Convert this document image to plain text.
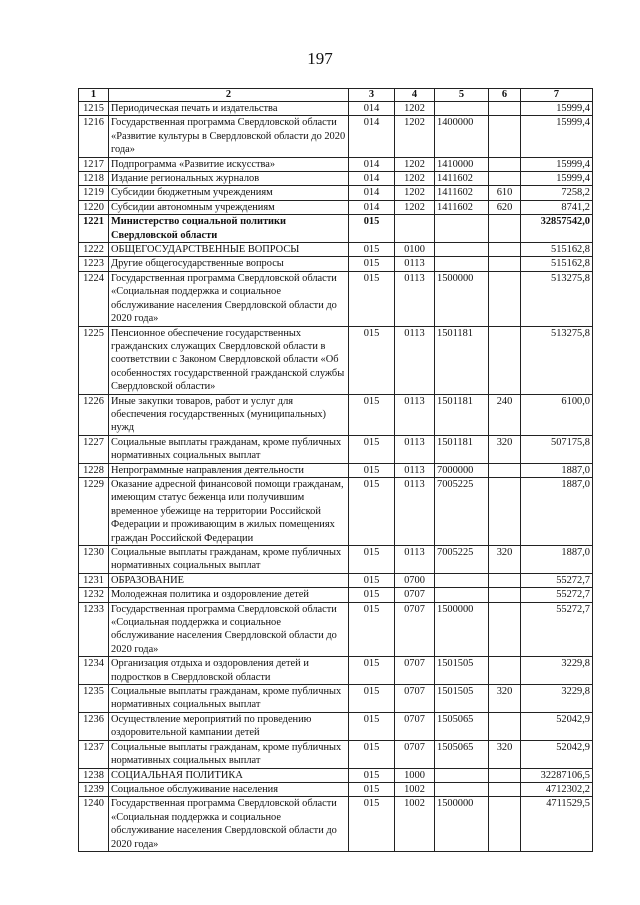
197
1	2	3	4	5	6	7
1215	Периодическая печать и издательства	014	1202			15999,4
1216	Государственная программа Свердловской области «Развитие культуры в Свердловской области до 2020 года»	014	1202	1400000		15999,4
1217	Подпрограмма «Развитие искусства»	014	1202	1410000		15999,4
1218	Издание региональных журналов	014	1202	1411602		15999,4
1219	Субсидии бюджетным учреждениям	014	1202	1411602	610	7258,2
1220	Субсидии автономным учреждениям	014	1202	1411602	620	8741,2
1221	Министерство социальной политики Свердловской области	015				32857542,0
1222	ОБЩЕГОСУДАРСТВЕННЫЕ ВОПРОСЫ	015	0100			515162,8
1223	Другие общегосударственные вопросы	015	0113			515162,8
1224	Государственная программа Свердловской области «Социальная поддержка и социальное обслуживание населения Свердловской области до 2020 года»	015	0113	1500000		513275,8
1225	Пенсионное обеспечение государственных гражданских служащих Свердловской области в соответствии с Законом Свердловской области «Об особенностях государственной гражданской службы Свердловской области»	015	0113	1501181		513275,8
1226	Иные закупки товаров, работ и услуг для обеспечения государственных (муниципальных) нужд	015	0113	1501181	240	6100,0
1227	Социальные выплаты гражданам, кроме публичных нормативных социальных выплат	015	0113	1501181	320	507175,8
1228	Непрограммные направления деятельности	015	0113	7000000		1887,0
1229	Оказание адресной финансовой помощи гражданам, имеющим статус беженца или получившим временное убежище на территории Российской Федерации и проживающим в жилых помещениях граждан Российской Федерации	015	0113	7005225		1887,0
1230	Социальные выплаты гражданам, кроме публичных нормативных социальных выплат	015	0113	7005225	320	1887,0
1231	ОБРАЗОВАНИЕ	015	0700			55272,7
1232	Молодежная политика и оздоровление детей	015	0707			55272,7
1233	Государственная программа Свердловской области «Социальная поддержка и социальное обслуживание населения Свердловской области до 2020 года»	015	0707	1500000		55272,7
1234	Организация отдыха и оздоровления детей и подростков в Свердловской области	015	0707	1501505		3229,8
1235	Социальные выплаты гражданам, кроме публичных нормативных социальных выплат	015	0707	1501505	320	3229,8
1236	Осуществление мероприятий по проведению оздоровительной кампании детей	015	0707	1505065		52042,9
1237	Социальные выплаты гражданам, кроме публичных нормативных социальных выплат	015	0707	1505065	320	52042,9
1238	СОЦИАЛЬНАЯ ПОЛИТИКА	015	1000			32287106,5
1239	Социальное обслуживание населения	015	1002			4712302,2
1240	Государственная программа Свердловской области «Социальная поддержка и социальное обслуживание населения Свердловской области до 2020 года»	015	1002	1500000		4711529,5
